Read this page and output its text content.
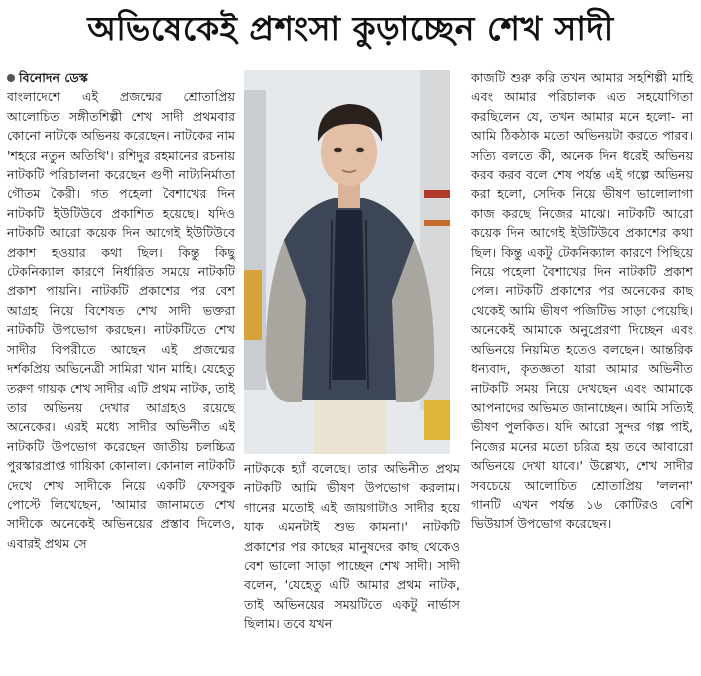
অভিষেকেই প্রশংসা কুড়াচ্ছেন শেখ সাদী
বিনোদন ডেস্ক

বাংলাদেশে এই প্রজন্মের শ্রোতাপ্রিয় আলোচিত সঙ্গীতশিল্পী শেখ সাদী প্রথমবার কোনো নাটকে অভিনয় করেছেন। নাটকের নাম 'শহরে নতুন অতিথি'। রশিদুর রহমানের রচনায় নাটকটি পরিচালনা করেছেন গুণী নাট্যনির্মাতা গৌতম কৈরী। গত পহেলা বৈশাখের দিন নাটকটি ইউটিউবে প্রকাশিত হয়েছে। যদিও নাটকটি আরো কয়েক দিন আগেই ইউটিউবে প্রকাশ হওয়ার কথা ছিল। কিন্তু কিছু টেকনিক্যাল কারণে নির্ধারিত সময়ে নাটকটি প্রকাশ পায়নি। নাটকটি প্রকাশের পর বেশ আগ্রহ নিয়ে বিশেষত শেখ সাদী ভক্তরা নাটকটি উপভোগ করছেন। নাটকটিতে শেখ সাদীর বিপরীতে আছেন এই প্রজন্মের দর্শকপ্রিয় অভিনেত্রী সামিরা খান মাহি। যেহেতু তরুণ গায়ক শেখ সাদীর এটি প্রথম নাটক, তাই তার অভিনয় দেখার আগ্রহও রয়েছে অনেকের। এরই মধ্যে সাদীর অভিনীত এই নাটকটি উপভোগ করেছেন জাতীয় চলচ্চিত্র পুরস্কারপ্রাপ্ত গায়িকা কোনাল। কোনাল নাটকটি দেখে শেখ সাদীকে নিয়ে একটি ফেসবুক পোস্টে লিখেছেন, 'আমার জানামতে শেখ সাদীকে অনেকেই অভিনয়ের প্রস্তাব দিলেও, এবারই প্রথম সে

নাটককে হ্যাঁ বলেছে। তার অভিনীত প্রথম নাটকটি আমি ভীষণ উপভোগ করলাম। গানের মতোই এই জায়গাটাও সাদীর হয়ে যাক এমনটাই শুভ কামনা।' নাটকটি প্রকাশের পর কাছের মানুষদের কাছ থেকেও বেশ ভালো সাড়া পাচ্ছেন শেখ সাদী। সাদী বলেন, 'যেহেতু এটি আমার প্রথম নাটক, তাই অভিনয়ের সময়টিতে একটু নার্ভাস ছিলাম। তবে যখন

কাজটি শুরু করি তখন আমার সহশিল্পী মাহি এবং আমার পরিচালক এত সহযোগিতা করছিলেন যে, তখন আমার মনে হলো- না আমি ঠিকঠাক মতো অভিনয়টা করতে পারব। সত্যি বলতে কী, অনেক দিন ধরেই অভিনয় করব করব বলে শেষ পর্যন্ত এই গল্পে অভিনয় করা হলো, সেদিক নিয়ে ভীষণ ভালোলাগা কাজ করছে নিজের মাঝে। নাটকটি আরো কয়েক দিন আগেই ইউটিউবে প্রকাশের কথা ছিল। কিন্তু একটু টেকনিক্যাল কারণে পিছিয়ে নিয়ে পহেলা বৈশাখের দিন নাটকটি প্রকাশ পেল। নাটকটি প্রকাশের পর অনেকের কাছ থেকেই আমি ভীষণ পজিটিভ সাড়া পেয়েছি। অনেকেই আমাকে অনুপ্রেরণা দিচ্ছেন এবং অভিনয়ে নিয়মিত হতেও বলছেন। আন্তরিক ধন্যবাদ, কৃতজ্ঞতা যারা আমার অভিনীত নাটকটি সময় নিয়ে দেখছেন এবং আমাকে আপনাদের অভিমত জানাচ্ছেন। আমি সত্যিই ভীষণ পুলকিত। যদি আরো সুন্দর গল্প পাই, নিজের মনের মতো চরিত্র হয় তবে আবারো অভিনয়ে দেখা যাবে।' উল্লেখ্য, শেখ সাদীর সবচেয়ে আলোচিত শ্রোতাপ্রিয় 'ললনা' গানটি এখন পর্যন্ত ১৬ কোটিরও বেশি ভিউয়ার্স উপভোগ করেছেন।
